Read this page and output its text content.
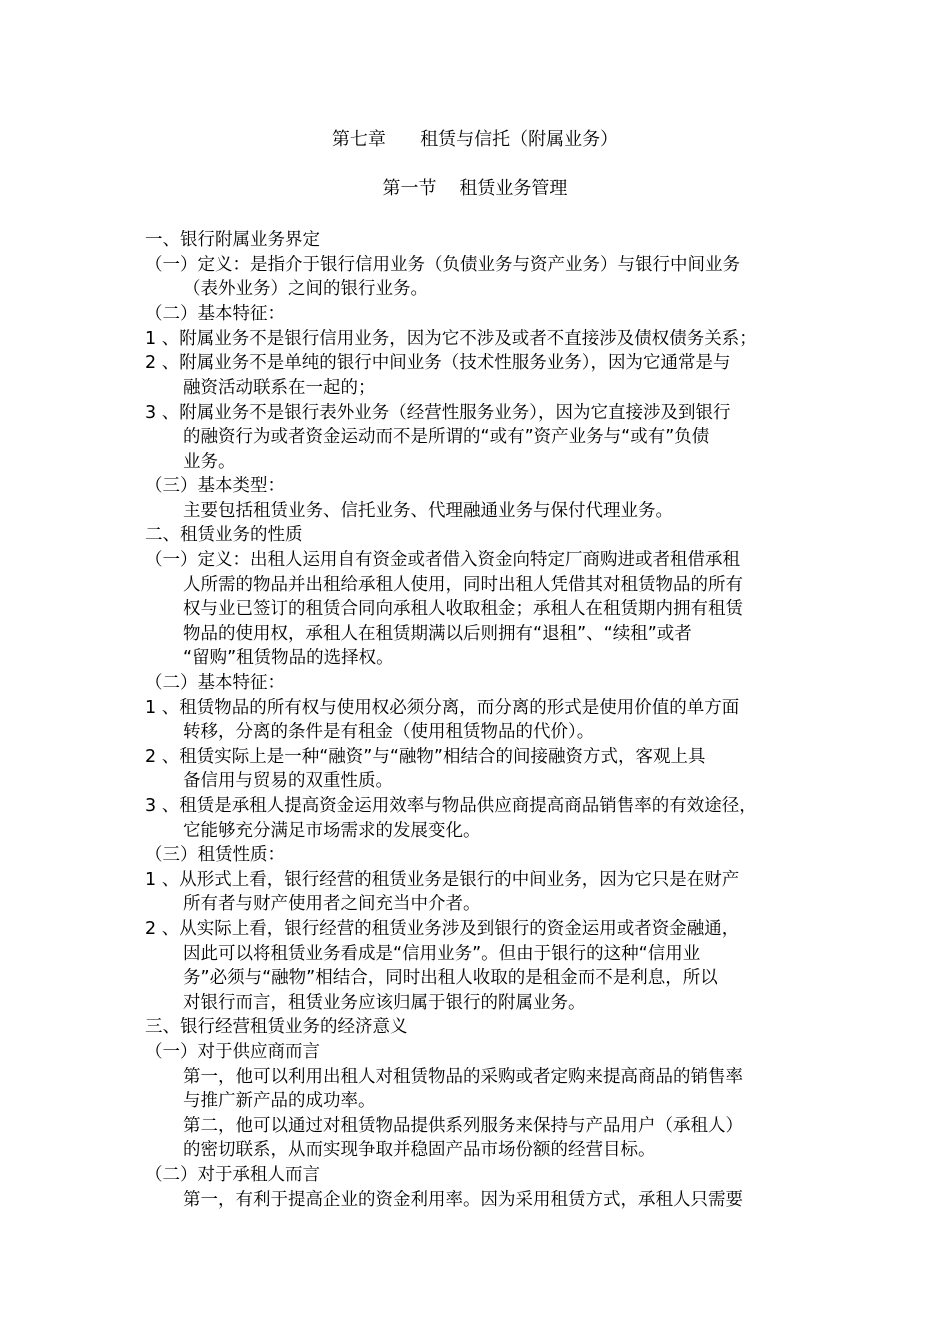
第七章      租赁与信托（附属业务）
第一节    租赁业务管理
一、银行附属业务界定
（一）定义：是指介于银行信用业务（负债业务与资产业务）与银行中间业务
（表外业务）之间的银行业务。
（二）基本特征：
1 、附属业务不是银行信用业务，因为它不涉及或者不直接涉及债权债务关系；
2 、附属业务不是单纯的银行中间业务（技术性服务业务），因为它通常是与
融资活动联系在一起的；
3 、附属业务不是银行表外业务（经营性服务业务），因为它直接涉及到银行
的融资行为或者资金运动而不是所谓的“或有”资产业务与“或有”负债
业务。
（三）基本类型：
主要包括租赁业务、信托业务、代理融通业务与保付代理业务。
二、租赁业务的性质
（一）定义：出租人运用自有资金或者借入资金向特定厂商购进或者租借承租
人所需的物品并出租给承租人使用，同时出租人凭借其对租赁物品的所有
权与业已签订的租赁合同向承租人收取租金；承租人在租赁期内拥有租赁
物品的使用权，承租人在租赁期满以后则拥有“退租”、“续租”或者
“留购”租赁物品的选择权。
（二）基本特征：
1 、租赁物品的所有权与使用权必须分离，而分离的形式是使用价值的单方面
转移，分离的条件是有租金（使用租赁物品的代价）。
2 、租赁实际上是一种“融资”与“融物”相结合的间接融资方式，客观上具
备信用与贸易的双重性质。
3 、租赁是承租人提高资金运用效率与物品供应商提高商品销售率的有效途径，
它能够充分满足市场需求的发展变化。
（三）租赁性质：
1 、从形式上看，银行经营的租赁业务是银行的中间业务，因为它只是在财产
所有者与财产使用者之间充当中介者。
2 、从实际上看，银行经营的租赁业务涉及到银行的资金运用或者资金融通，
因此可以将租赁业务看成是“信用业务”。但由于银行的这种“信用业
务”必须与“融物”相结合，同时出租人收取的是租金而不是利息，所以
对银行而言，租赁业务应该归属于银行的附属业务。
三、银行经营租赁业务的经济意义
（一）对于供应商而言
第一，他可以利用出租人对租赁物品的采购或者定购来提高商品的销售率
与推广新产品的成功率。
第二，他可以通过对租赁物品提供系列服务来保持与产品用户（承租人）
的密切联系，从而实现争取并稳固产品市场份额的经营目标。
（二）对于承租人而言
第一，有利于提高企业的资金利用率。因为采用租赁方式，承租人只需要
